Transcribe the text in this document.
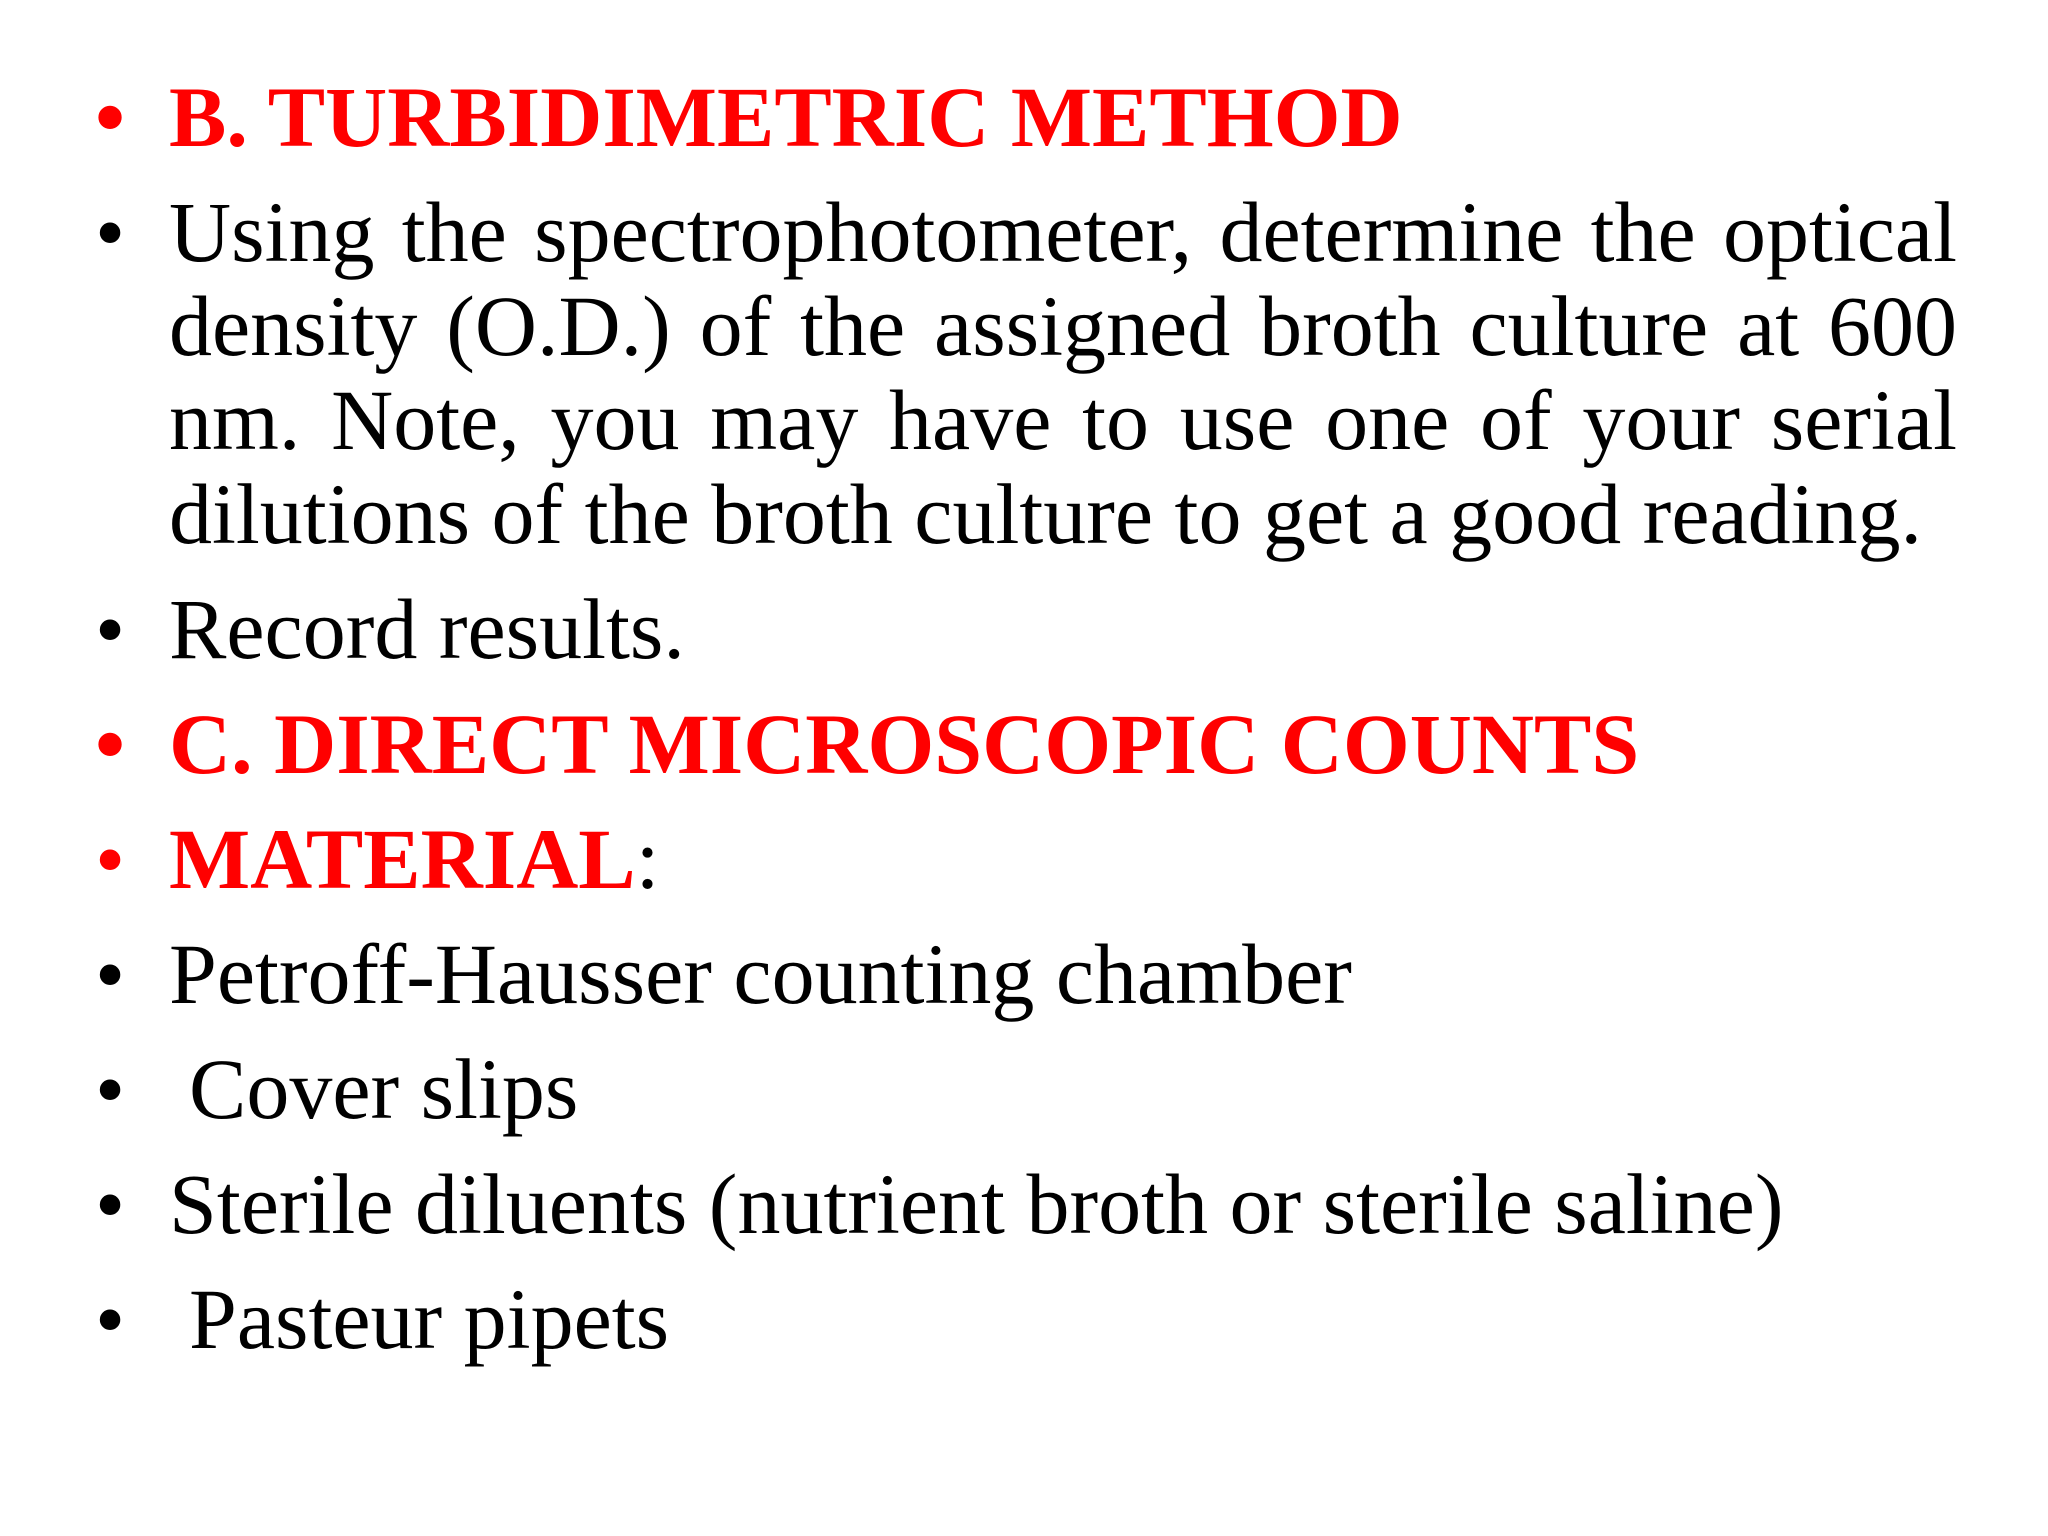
• B. TURBIDIMETRIC METHOD
• Using the spectrophotometer, determine the optical density (O.D.) of the assigned broth culture at 600 nm. Note, you may have to use one of your serial dilutions of the broth culture to get a good reading.
• Record results.
• C. DIRECT MICROSCOPIC COUNTS
• MATERIAL:
• Petroff-Hausser counting chamber
• Cover slips
• Sterile diluents (nutrient broth or sterile saline)
• Pasteur pipets
